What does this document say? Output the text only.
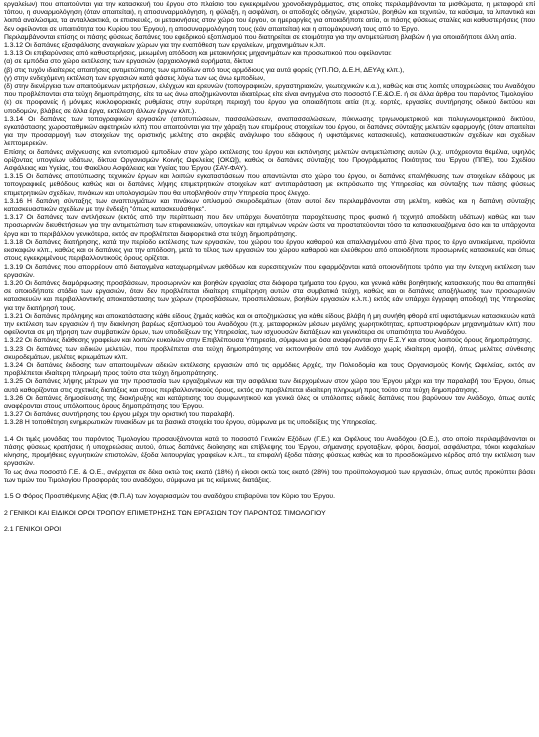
εργαλείων) που απαιτούνται για την κατασκευή του έργου στο πλαίσιο του εγκεκριμένου χρονοδιαγράμματος, στις οποίες περιλαμβάνονται τα μισθώματα, η μεταφορά επί τόπου, η συναρμολόγηση (όταν απαιτείται), η αποσυναρμολόγηση, η φύλαξη, η ασφάλιση, οι αποδοχές οδηγών, χειριστών, βοηθών και τεχνιτών, τα καύσιμα, τα λιπαντικά και λοιπά αναλώσιμα, τα ανταλλακτικά, οι επισκευές, οι μετακινήσεις στον χώρο του έργου, οι ημεραργίες για οποιαδήποτε αιτία, οι πάσης φύσεως σταλίες και καθυστερήσεις (που δεν οφείλονται σε υπαιτιότητα του Κυρίου του Έργου), η αποσυναρμολόγηση τους (εάν απαιτείται) και η απομάκρυνσή τους από το Έργο.

Περιλαμβάνονται επίσης οι πάσης φύσεως δαπάνες του εφεδρικού εξοπλισμού που διατηρείται σε ετοιμότητα για την αντιμετώπιση βλαβών ή για οποιαδήποτε άλλη αιτία.

1.3.12 Οι δαπάνες εξασφάλισης αναγκαίων χώρων για την εναπόθεση των εργαλείων, μηχανημάτων κ.λπ.

1.3.13 Οι επιβαρύνσεις από καθυστερήσεις, μειωμένη απόδοση και μετακινήσεις μηχανημάτων και προσωπικού που οφείλονται:

(α) σε εμπόδια στο χώρο εκτέλεσης των εργασιών (αρχαιολογικά ευρήματα, δίκτυα

(β) στις τυχόν ιδιαίτερες απαιτήσεις αντιμετώπισης των εμποδίων από τους αρμόδιους για αυτά φορείς (ΥΠ.ΠΟ, Δ.Ε.Η, ΔΕΥΑχ κλπ.),

(γ) στην ενδεχόμενη εκτέλεση των εργασιών κατά φάσεις λόγω των ως άνω εμποδίων,

(δ) στην διενέργεια των απαιτούμενων μετρήσεων, ελέγχων και ερευνών (τοπογραφικών, εργαστηριακών, γεωτεχνικών κ.α.), καθώς και στις λοιπές υποχρεώσεις του Αναδόχου που προβλέπονται στα τεύχη δημοπράτησης, είτε τα ως άνω αποζημιώνονται ιδιαιτέρως είτε είναι ανηγμένα στο ποσοστό Γ.Ε.&Ο.Ε. ή σε άλλα άρθρα του παρόντος Τιμολογίου

(ε) σε προφανείς ή μόνιμες κυκλοφοριακές ρυθμίσεις στην ευρύτερη περιοχή του έργου για οποιαδήποτε αιτία (π.χ. εορτές, εργασίες συντήρησης οδικού δικτύου και υποδομών, βλάβες σε άλλα έργα, εκτέλεση άλλων έργων κλπ.).

1.3.14 Οι δαπάνες των τοπογραφικών εργασιών (αποτυπώσεων, πασσαλώσεων, αναπασσαλώσεων, πύκνωσης τριγωνομετρικού και πολυγωνομετρικού δικτύου, εγκατάστασης χωροσταθμικών αφετηριών κλπ) που απαιτούνται για την χάραξη των επιμέρους στοιχείων του έργου, οι δαπάνες σύνταξης μελετών εφαρμογής (όταν απαιτείται για την προσαρμογή των στοιχείων της οριστικής μελέτης στο ακριβές ανάγλυφο του εδάφους ή υφιστάμενες κατασκευές), κατασκευαστικών σχεδίων και σχεδίων λεπτομερειών.

Επίσης οι δαπάνες ανίχνευσης και εντοπισμού εμποδίων στον χώρο εκτέλεσης του έργου και εκπόνησης μελετών αντιμετώπισης αυτών (λ.χ. υπόχρεοντα θεμέλια, υψηλός ορίζοντας υπογείων υδάτων, δίκτυα Οργανισμών Κοινής Ωφελείας [ΟΚΩ]), καθώς οι δαπάνες σύνταξης του Προγράμματος Ποιότητος του Έργου (ΠΠΕ), του Σχεδίου Ασφάλειας και Υγείας, του Φακέλου Ασφάλειας και Υγείας του Έργου (ΣΑΥ-ΦΑΥ).

1.3.15 Οι δαπάνες αποτύπωσης τεχνικών έργων και λοιπών εγκαταστάσεων που απαντώνται στο χώρο του έργου, οι δαπάνες επαλήθευσης των στοιχείων εδάφους με τοπογραφικές μεθόδους καθώς και οι δαπάνες λήψης επιμετρητικών στοιχείων κατ' αντιπαράσταση με εκπρόσωπο της Υπηρεσίας και σύνταξης των πάσης φύσεως επιμετρητικών σχεδίων, πινάκων και υπολογισμών που θα υποβληθούν στην Υπηρεσία προς έλεγχο.

1.3.16 Η δαπάνη σύνταξης των αναπτυγμάτων και πινάκων οπλισμού σκυροδεμάτων (όταν αυτοί δεν περιλαμβάνονται στη μελέτη, καθώς και η δαπάνη σύνταξης κατασκευαστικών σχεδίων με την ένδειξη "όπως κατασκευάσθηκε".

1.3.17 Οι δαπάνες των αντλήσεων (εκτός από την περίπτωση που δεν υπάρχει δυνατότητα παροχέτευσης προς φυσικό ή τεχνητό αποδέκτη υδάτων) καθώς και των προσωρινών διευθετήσεων για την αντιμετώπιση των επιφανειακών, υπογείων και ηπιμένων νερών ώστε να προστατεύονται τόσο τα κατασκευαζόμενα όσο και τα υπάρχοντα έργα και το περιβάλλον γενικότερα, εκτός αν προβλέπεται διαφορετικά στα τεύχη δημοπράτησης.

1.3.18 Οι δαπάνες διατήρησης, κατά την περίοδο εκτέλεσης των εργασιών, του χώρου του έργου καθαρού και απαλλαγμένου από ξένα προς το έργο αντικείμενα, προϊόντα εκσκαφών κλπ., καθώς και οι δαπάνες για την απόδοση, μετά το τέλος των εργασιών του χώρου καθαρού και ελεύθερου από οποιοδήποτε προσωρινές κατασκευές και όπως στους εγκεκριμένους περιβαλλοντικούς όρους ορίζεται.

1.3.19 Οι δαπάνες που απορρέουν από διαταγμένα καταχωρημένων μεθόδων και ευρεσιτεχνιών που εφαρμόζονται κατά οποιονδήποτε τρόπο για την έντεχνη εκτέλεση των εργασιών.

1.3.20 Οι δαπάνες διαμόρφωσης προσβάσεων, προσωρινών και βοηθών εργασίας στα διάφορα τμήματα του έργου, και γενικά κάθε βοηθητικής κατασκευής που θα απαιτηθεί σε οποιοδήποτε στάδιο των εργασιών, όταν δεν προβλέπεται ιδιαίτερη επιμέτρηση αυτών στα συμβατικά τεύχη, καθώς και οι δαπάνες αποξήλωσης των προσωρινών κατασκευών και περιβαλλοντικής αποκατάστασης των χώρων (προσβάσεων, προσπελάσεων, βοηθών εργασιών κ.λ.π.) εκτός εάν υπάρχει έγγραφη αποδοχή της Υπηρεσίας για την διατήρησή τους.

1.3.21 Οι δαπάνες πρόληψης και αποκατάστασης κάθε είδους ζημιάς καθώς και οι αποζημιώσεις για κάθε είδους βλάβη ή μη συνήθη φθορά επί υφιστάμενων κατασκευών κατά την εκτέλεση των εργασιών ή την διακίνηση βαρέως εξοπλισμού του Αναδόχου (π.χ. μεταφορικών μέσων μεγάλης χωρητικότητας, ερπυστριοφόρων μηχανημάτων κλπ) που οφείλονται σε μη τήρηση των συμβατικών όρων, των υποδείξεων της Υπηρεσίας, των ισχυουσών διατάξεων και γενικότερα σε υπαιτιότητα του Αναδόχου.

1.3.22 Οι δαπάνες διάθεσης γραφείων και λοιπών ευκολιών στην Επιβλέπουσα Υπηρεσία, σύμφωνα με όσα αναφέρονται στην Ε.Σ.Υ και στους λοιπούς όρους δημοπράτησης.

1.3.23 Οι δαπάνες των ειδικών μελετών, που προβλέπεται στα τεύχη δημοπράτησης να εκπονηθούν από τον Ανάδοχο χωρίς ιδιαίτερη αμοιβή, όπως μελέτες σύνθεσης σκυροδεμάτων, μελέτες ικριωμάτων κλπ.

1.3.24 Οι δαπάνες έκδοσης των απαιτουμένων αδειών εκτέλεσης εργασιών από τις αρμόδιες Αρχές, την Πολεοδομία και τους Οργανισμούς Κοινής Ωφελείας, εκτός αν προβλέπεται ιδιαίτερη πληρωμή προς τούτο στα τεύχη δημοπράτησης.

1.3.25 Οι δαπάνες λήψης μέτρων για την προστασία των εργαζομένων και την ασφάλεια των διερχομένων στον χώρο του Έργου μέχρι και την παραλαβή του Έργου, όπως αυτά καθορίζονται στις σχετικές διατάξεις και στους περιβαλλοντικούς όρους, εκτός αν προβλέπεται ιδιαίτερη πληρωμή προς τούτο στα τεύχη δημοπράτησης.

1.3.26 Οι δαπάνες δημοσίευσης της διακήρυξης και κατάρτισης του συμφωνητικού και γενικά όλες οι υπόλοιπες ειδικές δαπάνες που βαρύνουν τον Ανάδοχο, όπως αυτές αναφέρονται στους υπόλοιπους όρους δημοπράτησης του Έργου.

1.3.27 Οι δαπάνες συντήρησης του έργου μέχρι την οριστική του παραλαβή.

1.3.28 Η τοποθέτηση ενημερωτικών πινακίδων με τα βασικά στοιχεία του έργου, σύμφωνα με τις υποδείξεις της Υπηρεσίας.

1.4 Οι τιμές μονάδας του παρόντος Τιμολογίου προσαυξάνονται κατά το ποσοστό Γενικών Εξόδων (Γ.Ε.) και Οφέλους του Αναδόχου (Ο.Ε.), στο οποίο περιλαμβάνονται οι πάσης φύσεως κρατήσεις ή υποχρεώσεις αυτού, όπως δαπάνες διοίκησης και επίβλεψης του Έργου, σήμανσης εργοταξίων, φόροι, δασμοί, ασφάλιστρα, τόκοι κεφαλαίων κίνησης, προμήθειες εγγυητικών επιστολών, έξοδα λειτουργίας γραφείων κ.λπ., τα επιφαλή έξοδα πάσης φύσεως καθώς και το προσδοκώμενο κέρδος από την εκτέλεση των εργασιών.

Το ως άνω ποσοστό Γ.Ε. & Ο.Ε., ανέρχεται σε δέκα οκτώ τοις εκατό (18%) ή είκοσι οκτώ τοις εκατό (28%) του προϋπολογισμού των εργασιών, όπως αυτός προκύπτει βάσει των τιμών του Τιμολογίου Προσφοράς του αναδόχου, σύμφωνα με τις κείμενες διατάξεις.

1.5 Ο Φόρος Προστιθέμενης Αξίας (Φ.Π.Α) των λογαριασμών του αναδόχου επιβαρύνει τον Κύριο του Έργου.

2 ΓΕΝΙΚΟΙ ΚΑΙ ΕΙΔΙΚΟΙ ΟΡΟΙ ΤΡΟΠΟΥ ΕΠΙΜΕΤΡΗΣΗΣ ΤΩΝ ΕΡΓΑΣΙΩΝ ΤΟΥ ΠΑΡΟΝΤΟΣ ΤΙΜΟΛΟΓΙΟΥ

2.1 ΓΕΝΙΚΟΙ ΟΡΟΙ
